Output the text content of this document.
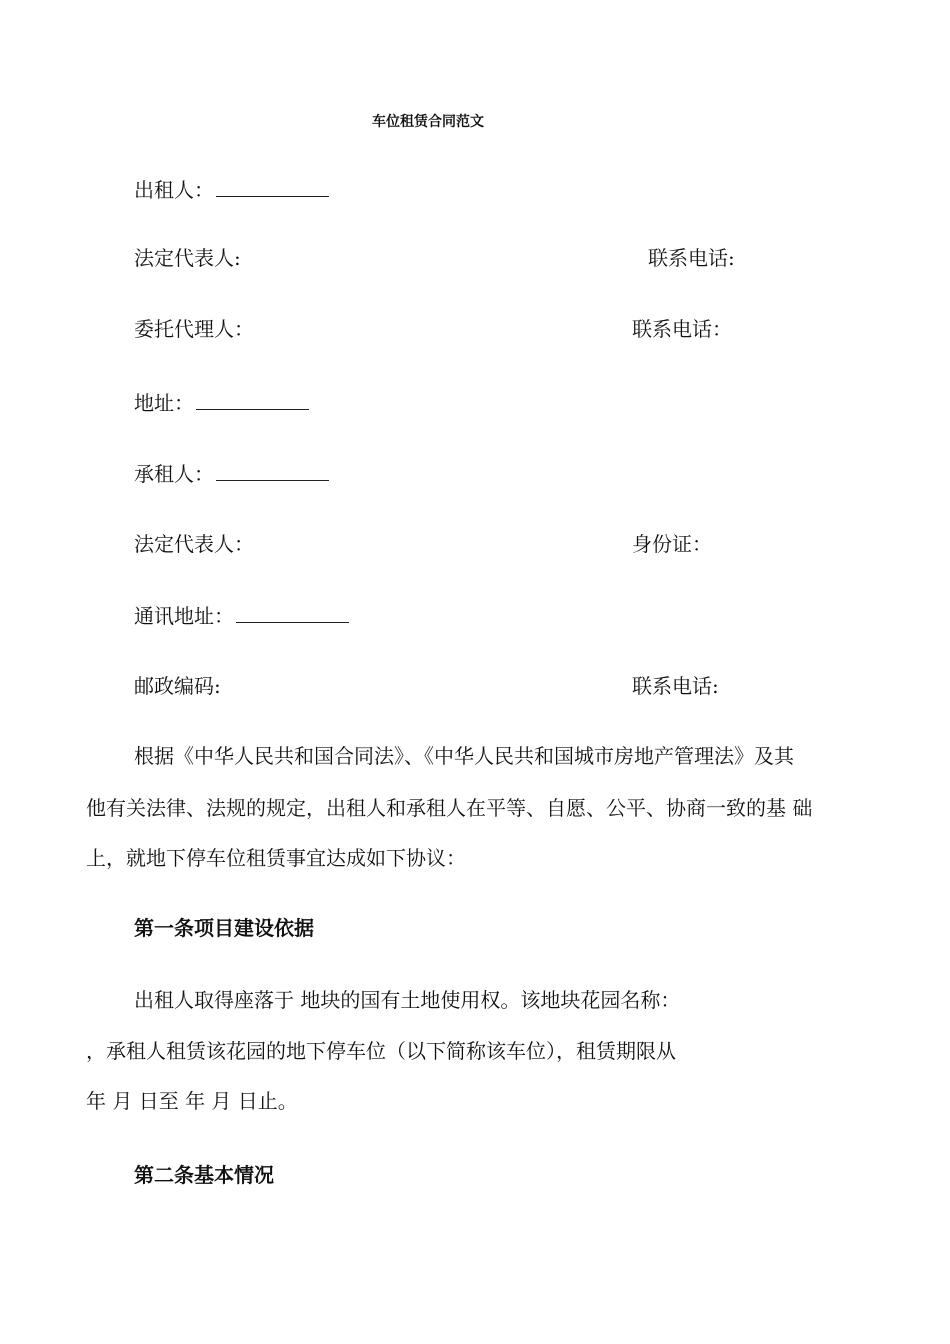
车位租赁合同范文
出租人：
法定代表人:	联系电话:
委托代理人：	联系电话：
地址：
承租人：
法定代表人：	身份证：
通讯地址：
邮政编码:	联系电话:
根据《中华人民共和国合同法》、《中华人民共和国城市房地产管理法》及其
他有关法律、法规的规定，出租人和承租人在平等、自愿、公平、协商一致的基 础
上，就地下停车位租赁事宜达成如下协议：
第一条项目建设依据
出租人取得座落于 地块的国有土地使用权。该地块花园名称：
，承租人租赁该花园的地下停车位（以下简称该车位），租赁期限从
年 月 日至 年 月 日止。
第二条基本情况
